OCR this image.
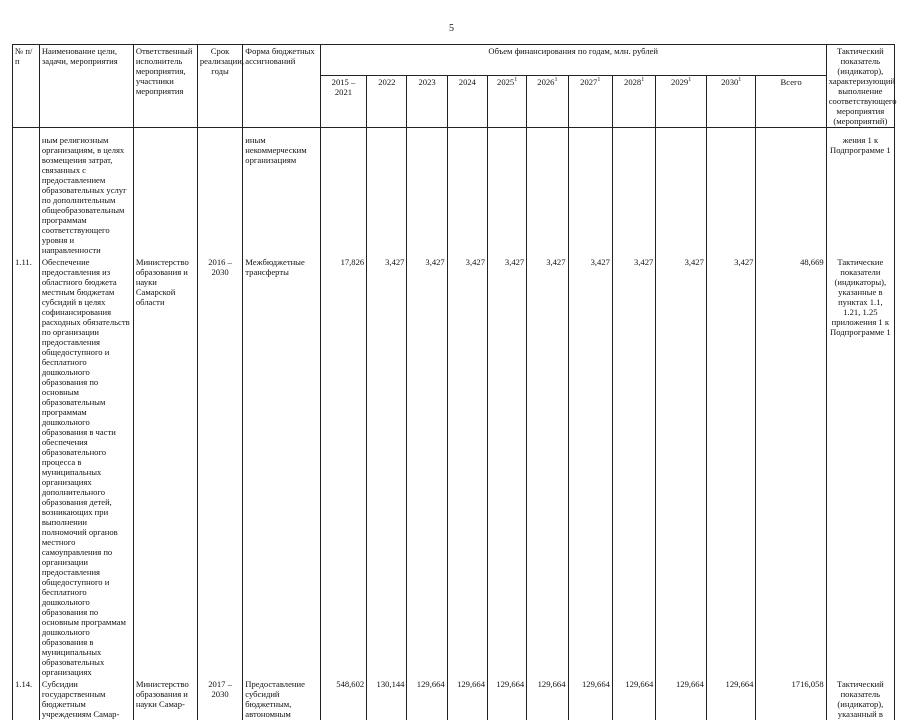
5
№ п/п	Наименование цели, задачи, мероприятия	Ответственный исполнитель мероприятия, участники мероприятия	Срок реализации, годы	Форма бюджетных ассигнований	Объем финансирования по годам, млн. рублей											Тактический показатель (индикатор), характеризующий выполнение соответствующего мероприятия (мероприятий)
					2015 – 2021	2022	2023	2024	2025$^1$	2026$^1$	2027$^1$	2028$^1$	2029$^1$	2030$^1$	Всего	

	ным религиозным организациям, в целях возмещения затрат, связанных с предоставлением образовательных услуг по дополнительным общеобразовательным программам соответствующего уровня и направленности			иным некоммерческим организациям												жения 1 к Подпрограмме 1
1.11.	Обеспечение предоставления из областного бюджета местным бюджетам субсидий в целях софинансирования расходных обязательств по организации предоставления общедоступного и бесплатного дошкольного образования по основным образовательным программам дошкольного образования в части обеспечения образовательного процесса в муниципальных организациях дополнительного образования детей, возникающих при выполнении полномочий органов местного самоуправления по организации предоставления общедоступного и бесплатного дошкольного образования по основным программам дошкольного образования в муниципальных образовательных организациях	Министерство образования и науки Самарской области	2016 – 2030	Межбюджетные трансферты	17,826	3,427	3,427	3,427	3,427	3,427	3,427	3,427	3,427	3,427	48,669	Тактические показатели (индикаторы), указанные в пунктах 1.1, 1.21, 1.25 приложения 1 к Подпрограмме 1
1.14.	Субсидии государственным бюджетным учреждениям Самар-	Министерство образования и науки Самар-	2017 – 2030	Предоставление субсидий бюджетным, автономным	548,602	130,144	129,664	129,664	129,664	129,664	129,664	129,664	129,664	129,664	1716,058	Тактический показатель (индикатор), указанный в
